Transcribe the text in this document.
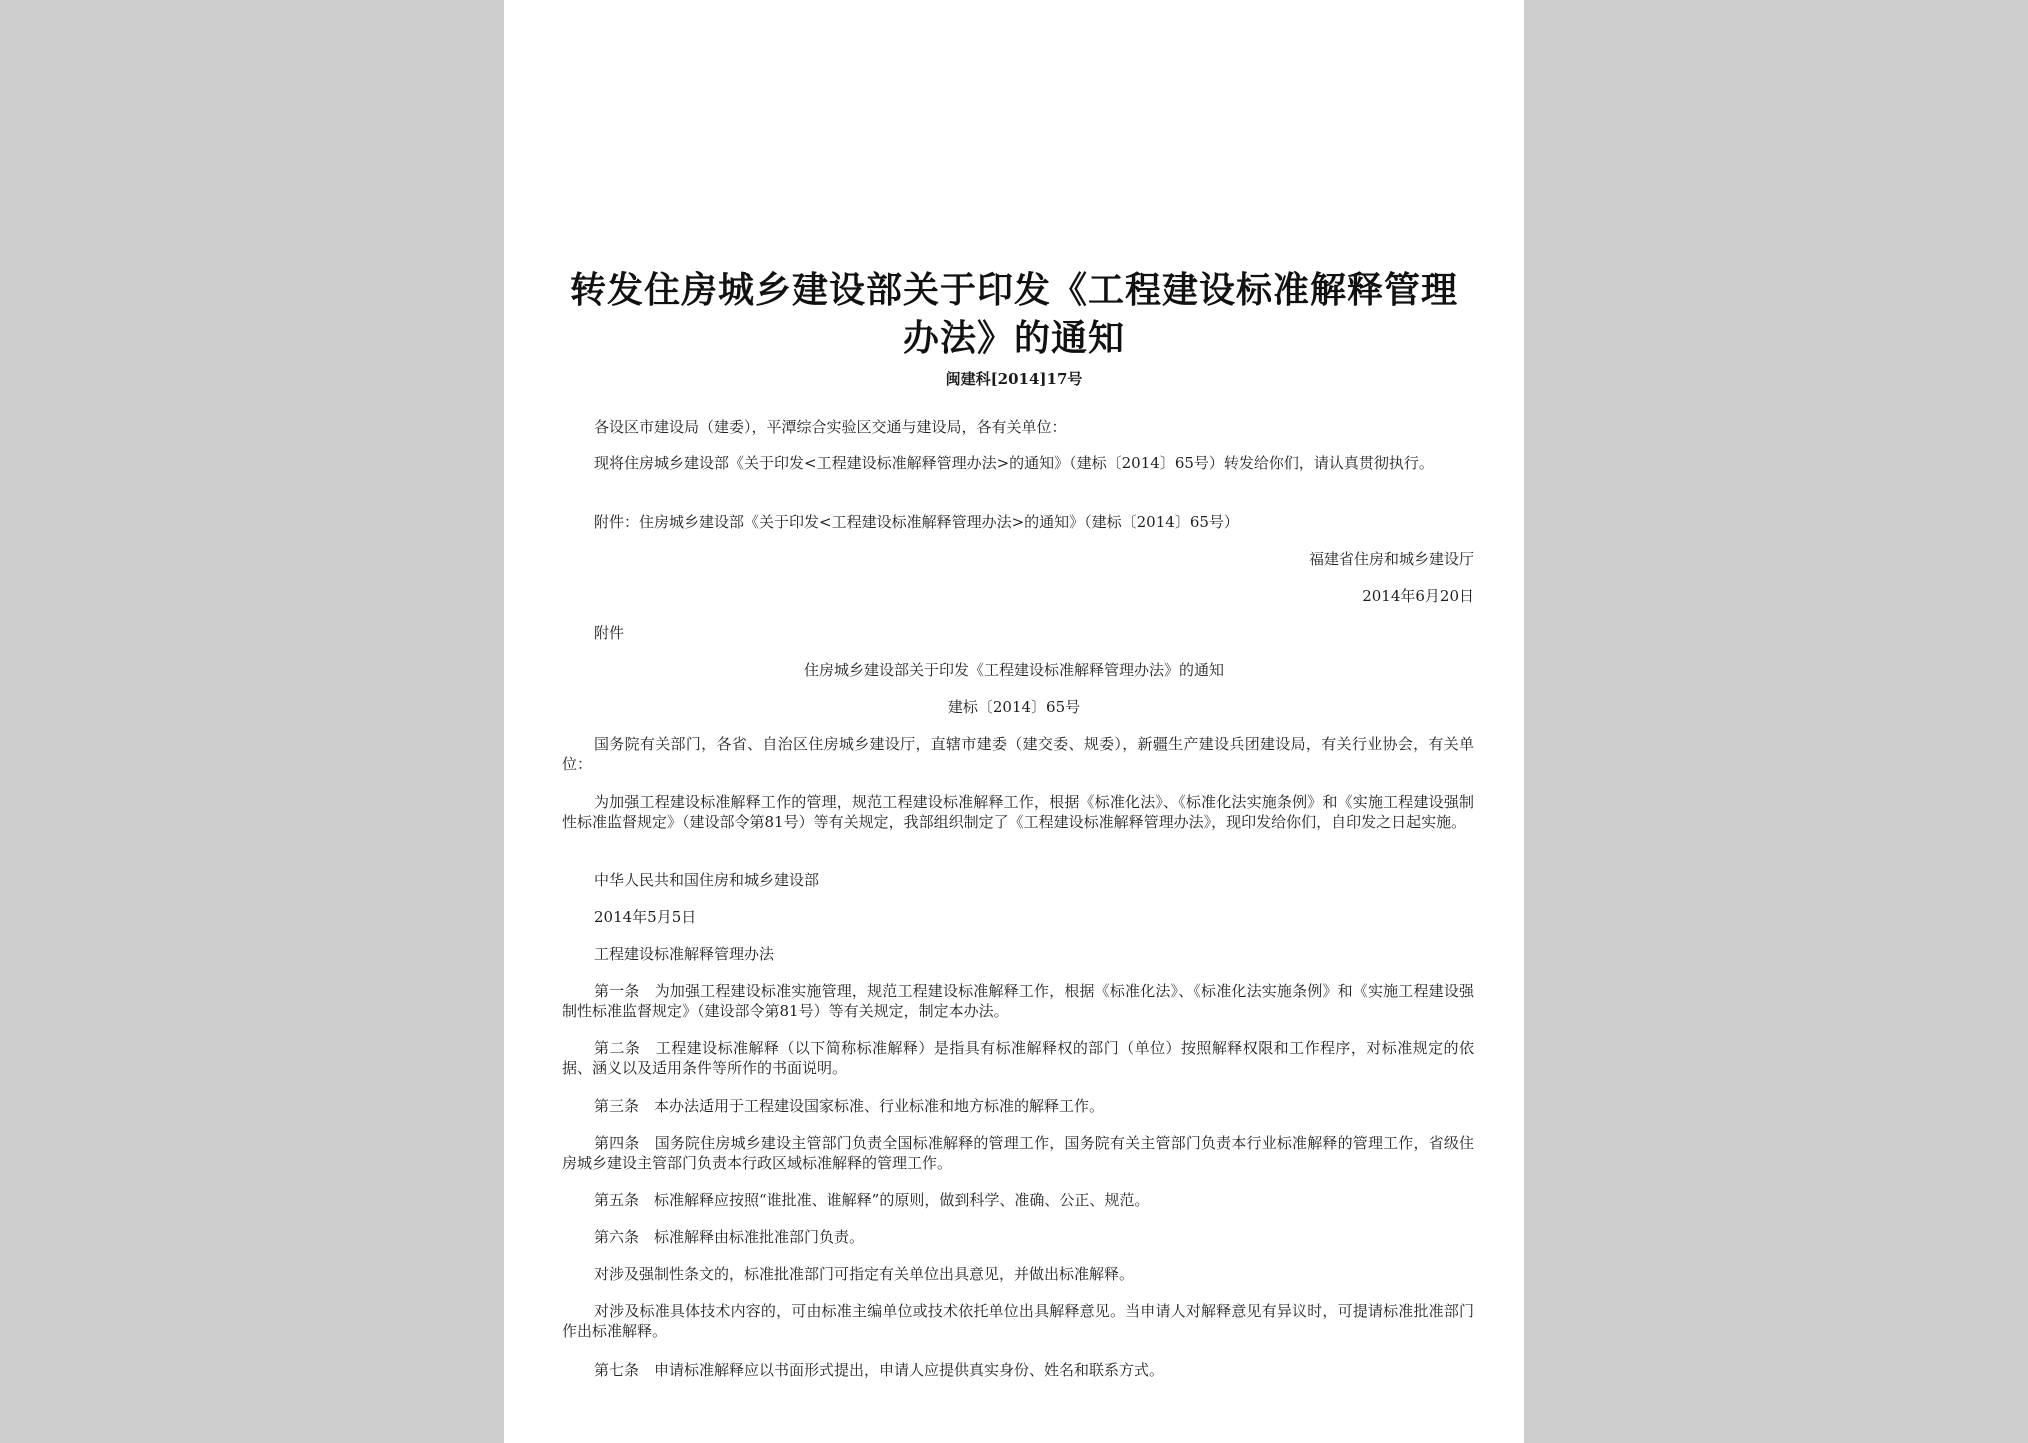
转发住房城乡建设部关于印发《工程建设标准解释管理
办法》的通知
闽建科[2014]17号
各设区市建设局（建委），平潭综合实验区交通与建设局，各有关单位：

现将住房城乡建设部《关于印发<工程建设标准解释管理办法>的通知》（建标〔2014〕65号）转发给你们，请认真贯彻执行。

附件：住房城乡建设部《关于印发<工程建设标准解释管理办法>的通知》（建标〔2014〕65号）
福建省住房和城乡建设厅
2014年6月20日
附件
住房城乡建设部关于印发《工程建设标准解释管理办法》的通知
建标〔2014〕65号

国务院有关部门，各省、自治区住房城乡建设厅，直辖市建委（建交委、规委），新疆生产建设兵团建设局，有关行业协会，有关单位：

为加强工程建设标准解释工作的管理，规范工程建设标准解释工作，根据《标准化法》、《标准化法实施条例》和《实施工程建设强制性标准监督规定》（建设部令第81号）等有关规定，我部组织制定了《工程建设标准解释管理办法》，现印发给你们，自印发之日起实施。

中华人民共和国住房和城乡建设部
2014年5月5日
工程建设标准解释管理办法

第一条　为加强工程建设标准实施管理，规范工程建设标准解释工作，根据《标准化法》、《标准化法实施条例》和《实施工程建设强制性标准监督规定》（建设部令第81号）等有关规定，制定本办法。

第二条　工程建设标准解释（以下简称标准解释）是指具有标准解释权的部门（单位）按照解释权限和工作程序，对标准规定的依据、涵义以及适用条件等所作的书面说明。

第三条　本办法适用于工程建设国家标准、行业标准和地方标准的解释工作。

第四条　国务院住房城乡建设主管部门负责全国标准解释的管理工作，国务院有关主管部门负责本行业标准解释的管理工作，省级住房城乡建设主管部门负责本行政区域标准解释的管理工作。

第五条　标准解释应按照“谁批准、谁解释”的原则，做到科学、准确、公正、规范。

第六条　标准解释由标准批准部门负责。

对涉及强制性条文的，标准批准部门可指定有关单位出具意见，并做出标准解释。

对涉及标准具体技术内容的，可由标准主编单位或技术依托单位出具解释意见。当申请人对解释意见有异议时，可提请标准批准部门作出标准解释。

第七条　申请标准解释应以书面形式提出，申请人应提供真实身份、姓名和联系方式。
